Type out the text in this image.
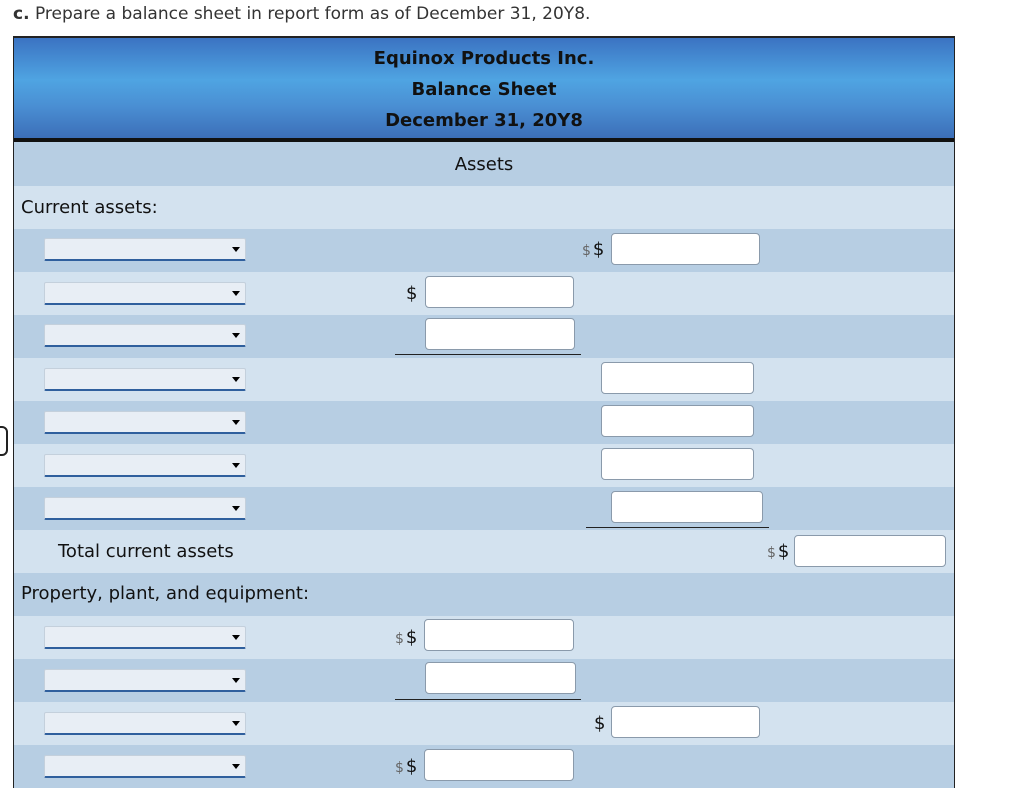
c. Prepare a balance sheet in report form as of December 31, 20Y8.
Equinox Products Inc.
Balance Sheet
December 31, 20Y8
Assets
Current assets:
$ $
$
Total current assets	$ $
Property, plant, and equipment:
$ $
$
$ $
